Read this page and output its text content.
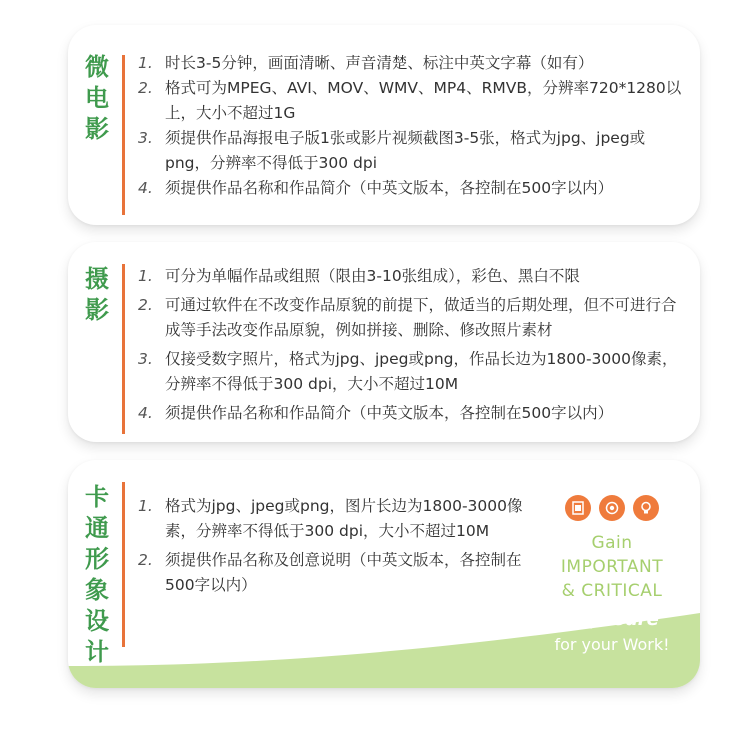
微
电
影
1. 时长3-5分钟，画面清晰、声音清楚、标注中英文字幕（如有）
2. 格式可为MPEG、AVI、MOV、WMV、MP4、RMVB，分辨率720*1280以上，大小不超过1G
3. 须提供作品海报电子版1张或影片视频截图3-5张，格式为jpg、jpeg或png，分辨率不得低于300 dpi
4. 须提供作品名称和作品简介（中英文版本，各控制在500字以内）
摄
影
1. 可分为单幅作品或组照（限由3-10张组成），彩色、黑白不限
2. 可通过软件在不改变作品原貌的前提下，做适当的后期处理，但不可进行合成等手法改变作品原貌，例如拼接、删除、修改照片素材
3. 仅接受数字照片，格式为jpg、jpeg或png，作品长边为1800-3000像素，分辨率不得低于300 dpi，大小不超过10M
4. 须提供作品名称和作品简介（中英文版本，各控制在500字以内）
卡
通
形
象
设
计
1. 格式为jpg、jpeg或png，图片长边为1800-3000像素，分辨率不得低于300 dpi，大小不超过10M
2. 须提供作品名称及创意说明（中英文版本，各控制在500字以内）
Gain
IMPORTANT
& CRITICAL
Exposure
for your Work!
